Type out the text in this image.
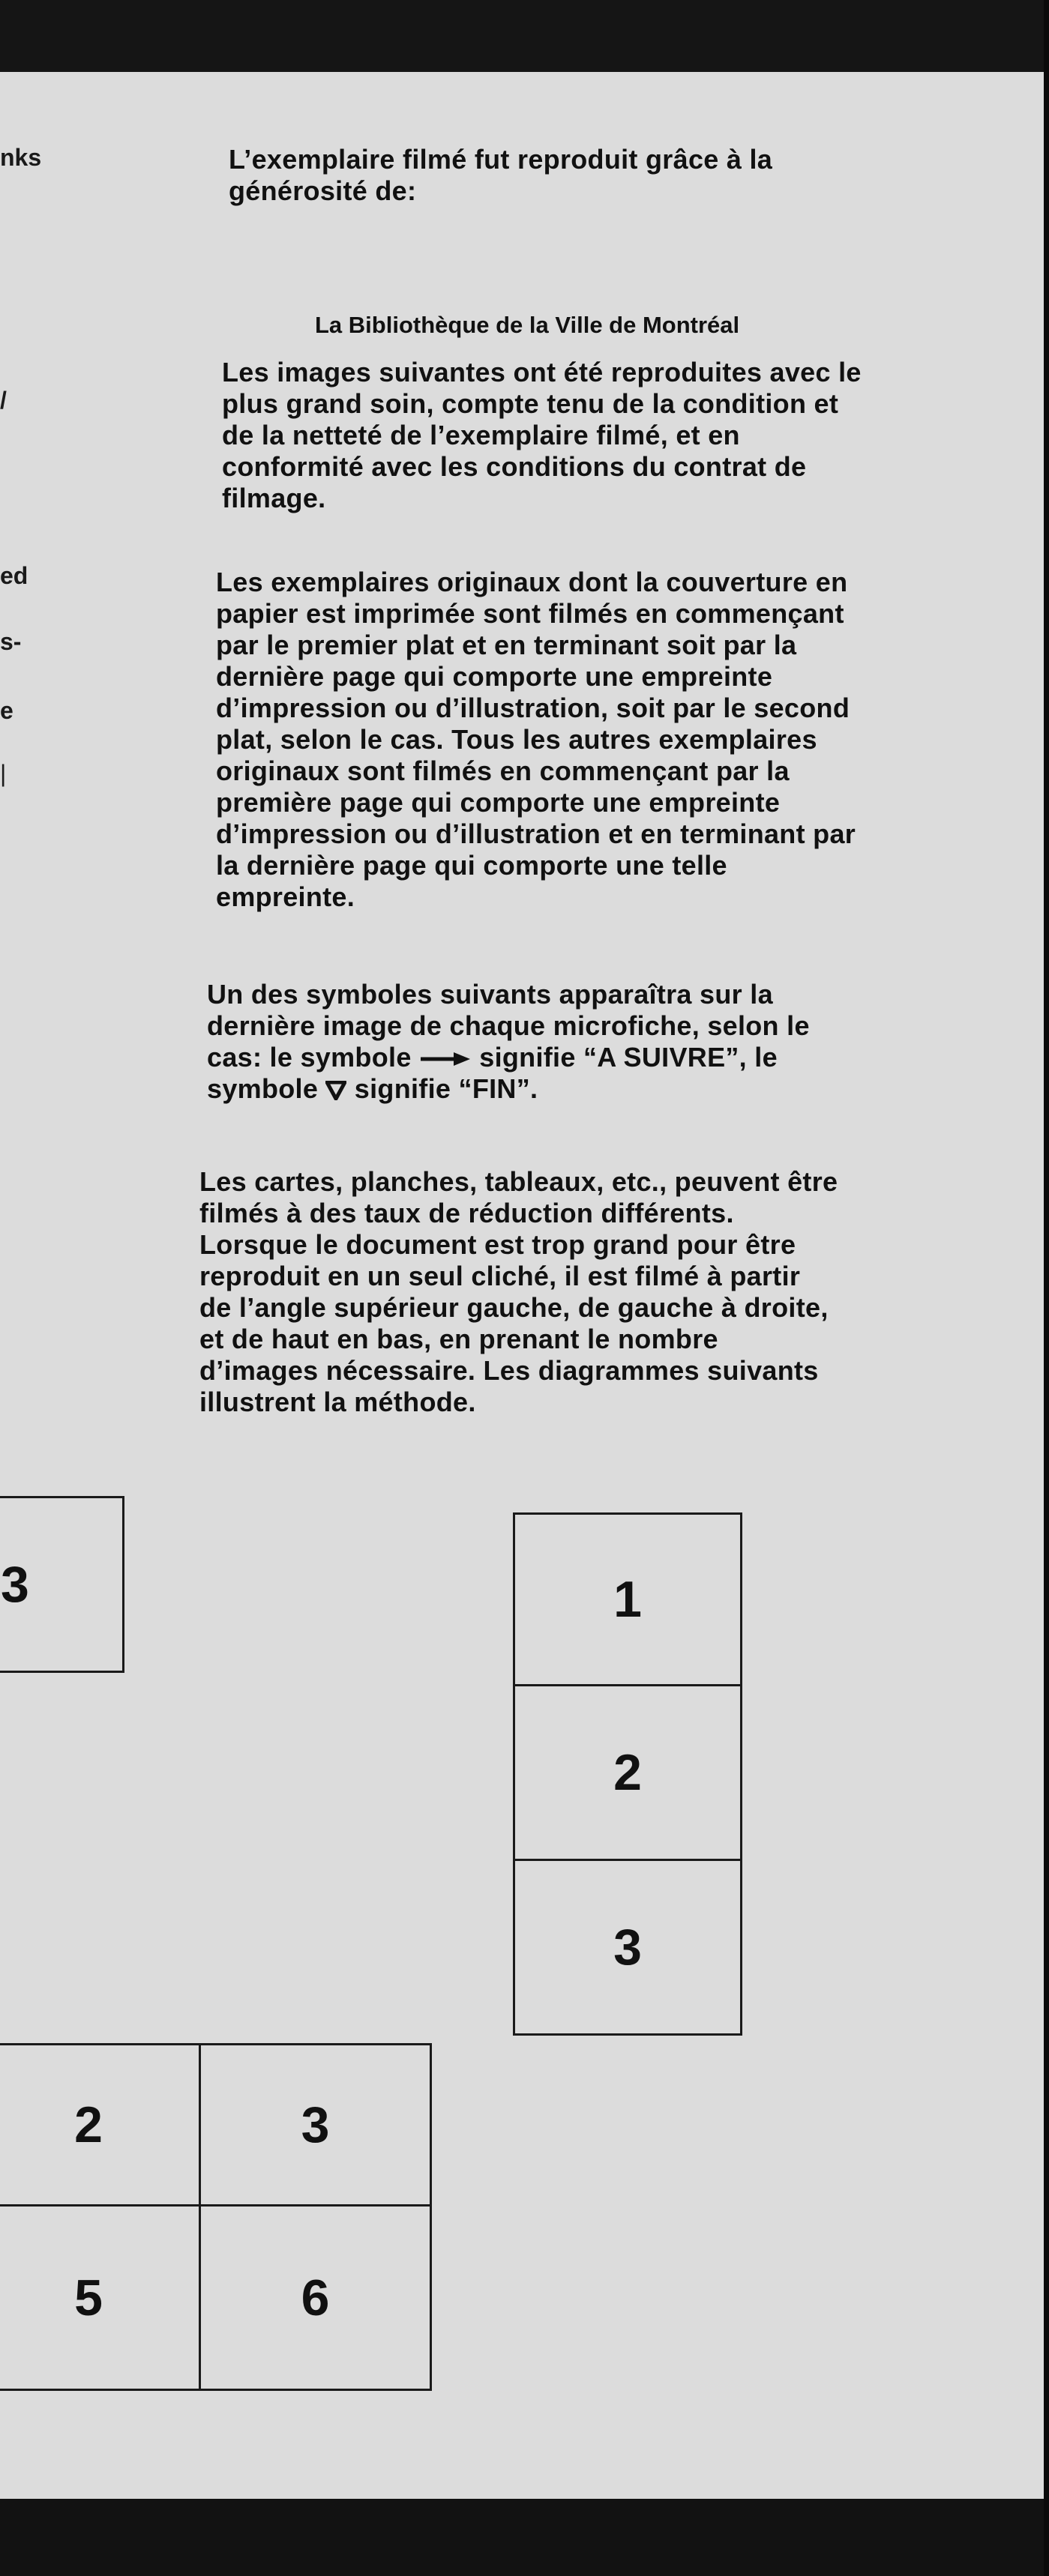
nks
/
ed
s-
e
|
L’exemplaire filmé fut reproduit grâce à la
générosité de:
La Bibliothèque de la Ville de Montréal
Les images suivantes ont été reproduites avec le
plus grand soin, compte tenu de la condition et
de la netteté de l’exemplaire filmé, et en
conformité avec les conditions du contrat de
filmage.
Les exemplaires originaux dont la couverture en
papier est imprimée sont filmés en commençant
par le premier plat et en terminant soit par la
dernière page qui comporte une empreinte
d’impression ou d’illustration, soit par le second
plat, selon le cas. Tous les autres exemplaires
originaux sont filmés en commençant par la
première page qui comporte une empreinte
d’impression ou d’illustration et en terminant par
la dernière page qui comporte une telle
empreinte.
Un des symboles suivants apparaîtra sur la
dernière image de chaque microfiche, selon le
cas: le symbole	signifie “A SUIVRE”, le
symbole signifie “FIN”.
Les cartes, planches, tableaux, etc., peuvent être
filmés à des taux de réduction différents.
Lorsque le document est trop grand pour être
reproduit en un seul cliché, il est filmé à partir
de l’angle supérieur gauche, de gauche à droite,
et de haut en bas, en prenant le nombre
d’images nécessaire. Les diagrammes suivants
illustrent la méthode.
3	1
2
3
2	3
5	6
